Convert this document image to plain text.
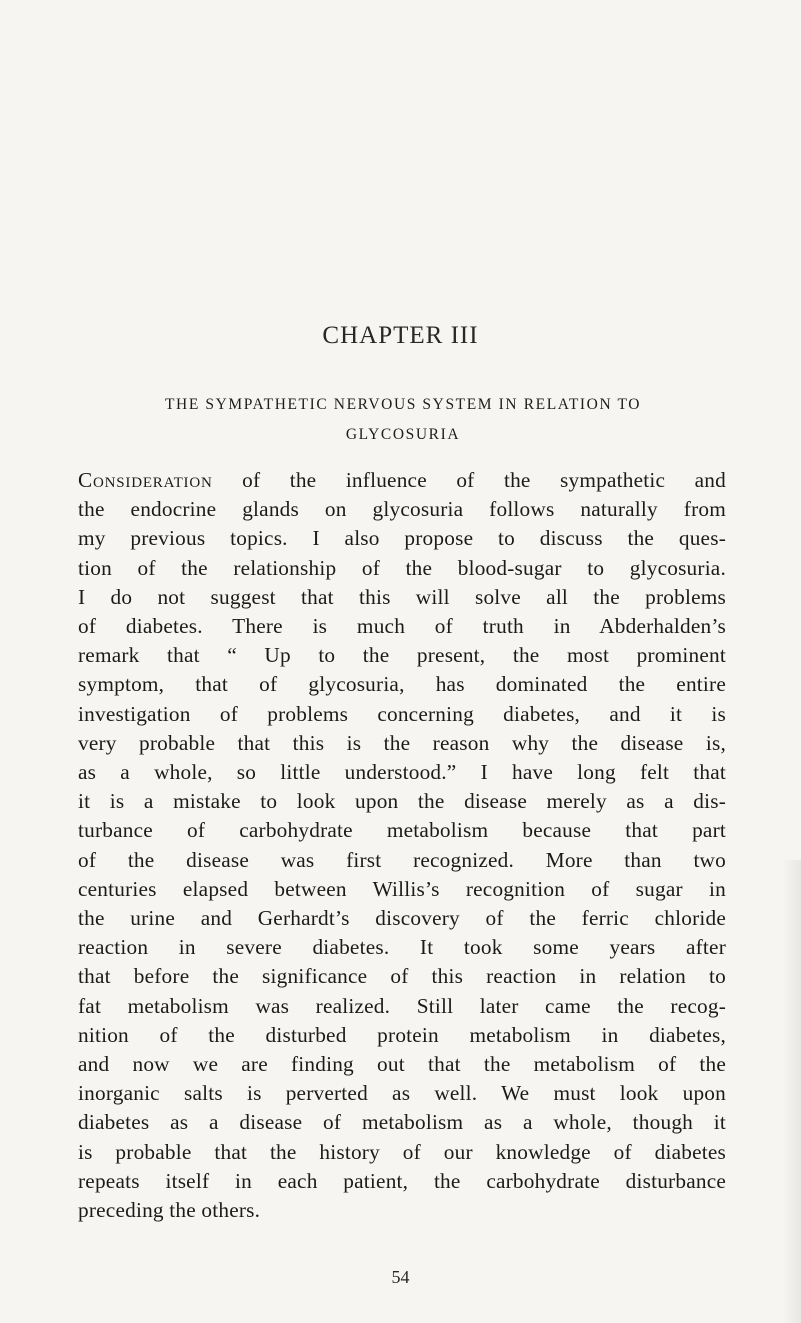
CHAPTER III
THE SYMPATHETIC NERVOUS SYSTEM IN RELATION TO
GLYCOSURIA
Consideration of the influence of the sympathetic and
the endocrine glands on glycosuria follows naturally from
my previous topics. I also propose to discuss the ques-
tion of the relationship of the blood-sugar to glycosuria.
I do not suggest that this will solve all the problems
of diabetes. There is much of truth in Abderhalden’s
remark that “ Up to the present, the most prominent
symptom, that of glycosuria, has dominated the entire
investigation of problems concerning diabetes, and it is
very probable that this is the reason why the disease is,
as a whole, so little understood.” I have long felt that
it is a mistake to look upon the disease merely as a dis-
turbance of carbohydrate metabolism because that part
of the disease was first recognized. More than two
centuries elapsed between Willis’s recognition of sugar in
the urine and Gerhardt’s discovery of the ferric chloride
reaction in severe diabetes. It took some years after
that before the significance of this reaction in relation to
fat metabolism was realized. Still later came the recog-
nition of the disturbed protein metabolism in diabetes,
and now we are finding out that the metabolism of the
inorganic salts is perverted as well. We must look upon
diabetes as a disease of metabolism as a whole, though it
is probable that the history of our knowledge of diabetes
repeats itself in each patient, the carbohydrate disturbance
preceding the others.
54
